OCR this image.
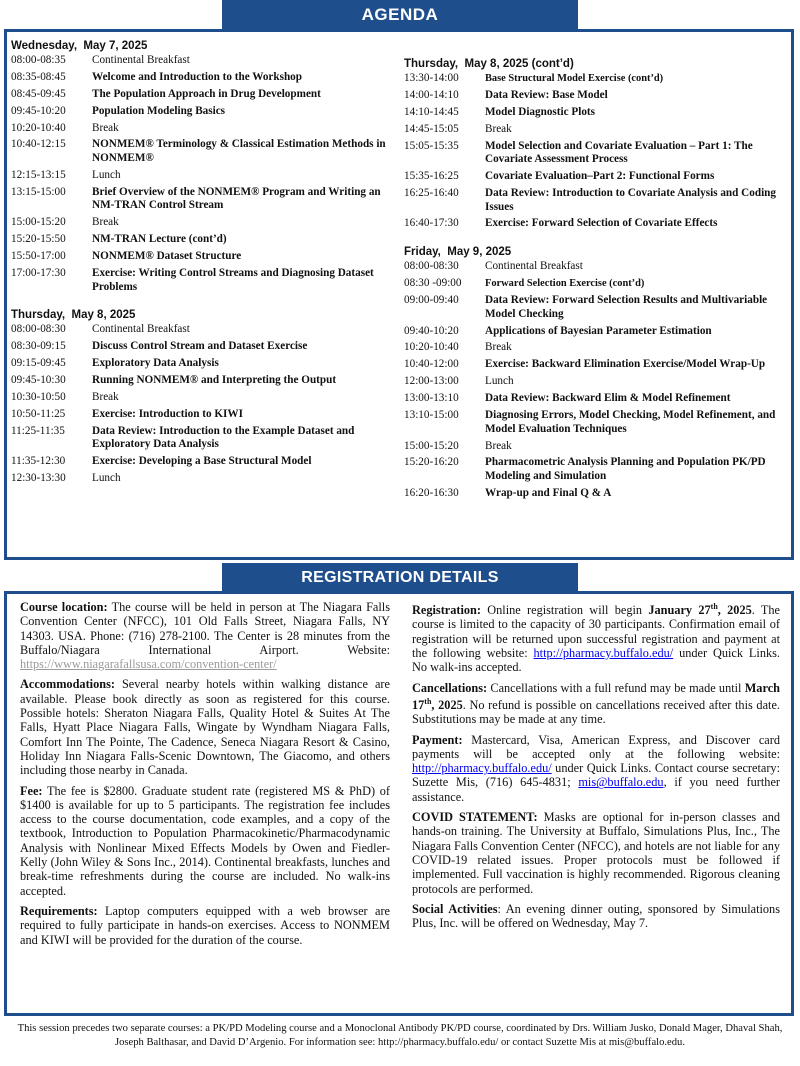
AGENDA
Wednesday,  May 7, 2025
08:00-08:35	Continental Breakfast
08:35-08:45	Welcome and Introduction to the Workshop
08:45-09:45	The Population Approach in Drug Development
09:45-10:20	Population Modeling Basics
10:20-10:40	Break
10:40-12:15	NONMEM® Terminology & Classical Estimation Methods in NONMEM®
12:15-13:15	Lunch
13:15-15:00	Brief Overview of the NONMEM® Program and Writing an NM-TRAN Control Stream
15:00-15:20	Break
15:20-15:50	NM-TRAN Lecture (cont’d)
15:50-17:00	NONMEM® Dataset Structure
17:00-17:30	Exercise: Writing Control Streams and Diagnosing Dataset Problems
Thursday,  May 8, 2025
08:00-08:30	Continental Breakfast
08:30-09:15	Discuss Control Stream and Dataset Exercise
09:15-09:45	Exploratory Data Analysis
09:45-10:30	Running NONMEM® and Interpreting the Output
10:30-10:50	Break
10:50-11:25	Exercise: Introduction to KIWI
11:25-11:35	Data Review: Introduction to the Example Dataset and Exploratory Data Analysis
11:35-12:30	Exercise: Developing a Base Structural Model
12:30-13:30	Lunch
Thursday,  May 8, 2025 (cont’d)
13:30-14:00	Base Structural Model Exercise (cont’d)
14:00-14:10	Data Review: Base Model
14:10-14:45	Model Diagnostic Plots
14:45-15:05	Break
15:05-15:35	Model Selection and Covariate Evaluation – Part 1: The Covariate Assessment Process
15:35-16:25	Covariate Evaluation–Part 2: Functional Forms
16:25-16:40	Data Review: Introduction to Covariate Analysis and Coding Issues
16:40-17:30	Exercise: Forward Selection of Covariate Effects
Friday,  May 9, 2025
08:00-08:30	Continental Breakfast
08:30 -09:00	Forward Selection Exercise (cont’d)
09:00-09:40	Data Review: Forward Selection Results and Multivariable Model Checking
09:40-10:20	Applications of Bayesian Parameter Estimation
10:20-10:40	Break
10:40-12:00	Exercise: Backward Elimination Exercise/Model Wrap-Up
12:00-13:00	Lunch
13:00-13:10	Data Review: Backward Elim & Model Refinement
13:10-15:00	Diagnosing Errors, Model Checking, Model Refinement, and Model Evaluation Techniques
15:00-15:20	Break
15:20-16:20	Pharmacometric Analysis Planning and Population PK/PD Modeling and Simulation
16:20-16:30	Wrap-up and Final Q & A
REGISTRATION DETAILS

Course location: The course will be held in person at The Niagara Falls Convention Center (NFCC), 101 Old Falls Street, Niagara Falls, NY 14303. USA. Phone: (716) 278-2100. The Center is 28 minutes from the Buffalo/Niagara International Airport. Website: https://www.niagarafallsusa.com/convention-center/

Accommodations: Several nearby hotels within walking distance are available. Please book directly as soon as registered for this course. Possible hotels: Sheraton Niagara Falls, Quality Hotel & Suites At The Falls, Hyatt Place Niagara Falls, Wingate by Wyndham Niagara Falls, Comfort Inn The Pointe, The Cadence, Seneca Niagara Resort & Casino, Holiday Inn Niagara Falls-Scenic Downtown, The Giacomo, and others including those nearby in Canada.

Fee: The fee is $2800. Graduate student rate (registered MS & PhD) of $1400 is available for up to 5 participants. The registration fee includes access to the course documentation, code examples, and a copy of the textbook, Introduction to Population Pharmacokinetic/Pharmacodynamic Analysis with Nonlinear Mixed Effects Models by Owen and Fiedler-Kelly (John Wiley & Sons Inc., 2014). Continental breakfasts, lunches and break-time refreshments during the course are included. No walk-ins accepted.

Requirements: Laptop computers equipped with a web browser are required to fully participate in hands-on exercises. Access to NONMEM and KIWI will be provided for the duration of the course.

Registration: Online registration will begin January 27th, 2025. The course is limited to the capacity of 30 participants. Confirmation email of registration will be returned upon successful registration and payment at the following website: http://pharmacy.buffalo.edu/ under Quick Links. No walk-ins accepted.

Cancellations: Cancellations with a full refund may be made until March 17th, 2025. No refund is possible on cancellations received after this date. Substitutions may be made at any time.

Payment: Mastercard, Visa, American Express, and Discover card payments will be accepted only at the following website: http://pharmacy.buffalo.edu/ under Quick Links. Contact course secretary: Suzette Mis, (716) 645-4831; mis@buffalo.edu, if you need further assistance.

COVID STATEMENT: Masks are optional for in-person classes and hands-on training. The University at Buffalo, Simulations Plus, Inc., The Niagara Falls Convention Center (NFCC), and hotels are not liable for any COVID-19 related issues. Proper protocols must be followed if implemented. Full vaccination is highly recommended. Rigorous cleaning protocols are performed.

Social Activities: An evening dinner outing, sponsored by Simulations Plus, Inc. will be offered on Wednesday, May 7.

This session precedes two separate courses: a PK/PD Modeling course and a Monoclonal Antibody PK/PD course, coordinated by Drs. William Jusko, Donald Mager, Dhaval Shah, Joseph Balthasar, and David D’Argenio. For information see: http://pharmacy.buffalo.edu/ or contact Suzette Mis at mis@buffalo.edu.
